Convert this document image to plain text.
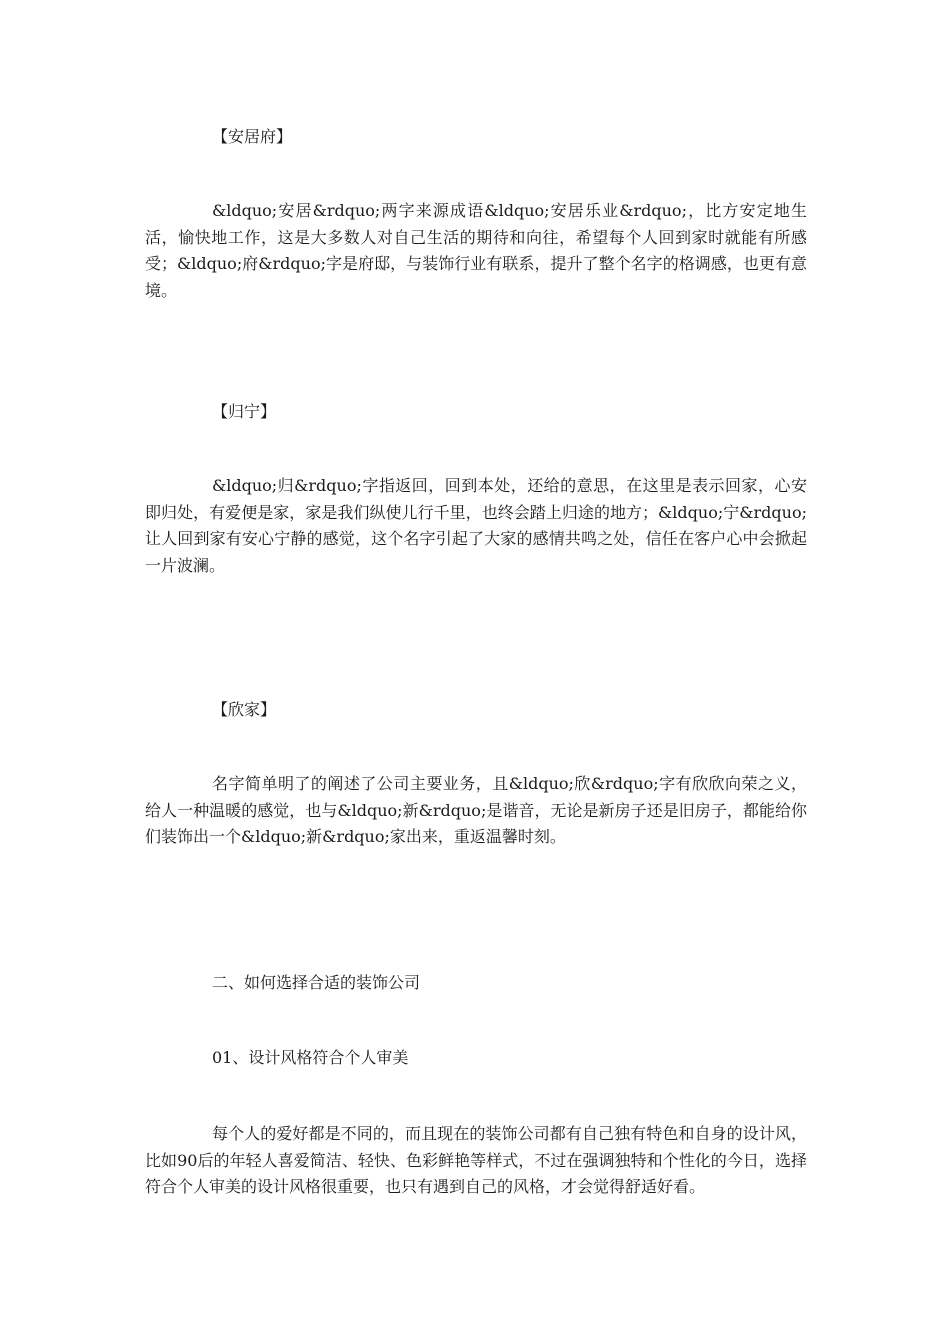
【安居府】

&ldquo;安居&rdquo;两字来源成语&ldquo;安居乐业&rdquo;，比方安定地生活，愉快地工作，这是大多数人对自己生活的期待和向往，希望每个人回到家时就能有所感受；&ldquo;府&rdquo;字是府邸，与装饰行业有联系，提升了整个名字的格调感，也更有意境。

【归宁】

&ldquo;归&rdquo;字指返回，回到本处，还给的意思，在这里是表示回家，心安即归处，有爱便是家，家是我们纵使儿行千里，也终会踏上归途的地方；&ldquo;宁&rdquo;让人回到家有安心宁静的感觉，这个名字引起了大家的感情共鸣之处，信任在客户心中会掀起一片波澜。

【欣家】

名字简单明了的阐述了公司主要业务，且&ldquo;欣&rdquo;字有欣欣向荣之义，给人一种温暖的感觉，也与&ldquo;新&rdquo;是谐音，无论是新房子还是旧房子，都能给你们装饰出一个&ldquo;新&rdquo;家出来，重返温馨时刻。

二、如何选择合适的装饰公司
01、设计风格符合个人审美

每个人的爱好都是不同的，而且现在的装饰公司都有自己独有特色和自身的设计风，比如90后的年轻人喜爱简洁、轻快、色彩鲜艳等样式，不过在强调独特和个性化的今日，选择符合个人审美的设计风格很重要，也只有遇到自己的风格，才会觉得舒适好看。
